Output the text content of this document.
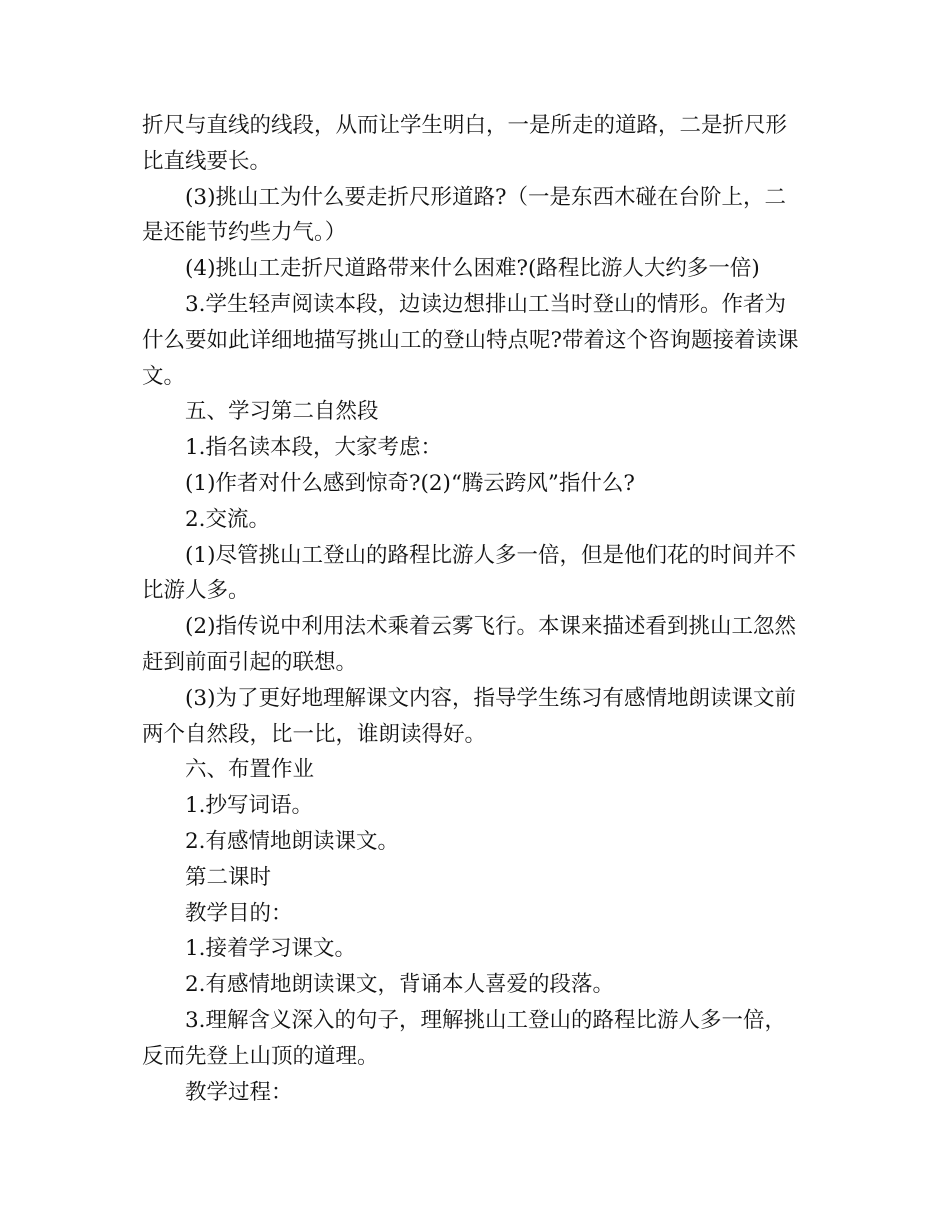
折尺与直线的线段，从而让学生明白，一是所走的道路，二是折尺形

比直线要长。

(3)挑山工为什么要走折尺形道路?（一是东西木碰在台阶上，二

是还能节约些力气。）

(4)挑山工走折尺道路带来什么困难?(路程比游人大约多一倍)

3.学生轻声阅读本段，边读边想排山工当时登山的情形。作者为

什么要如此详细地描写挑山工的登山特点呢?带着这个咨询题接着读课

文。

五、学习第二自然段

1.指名读本段，大家考虑：

(1)作者对什么感到惊奇?(2)“腾云跨风”指什么?

2.交流。

(1)尽管挑山工登山的路程比游人多一倍，但是他们花的时间并不

比游人多。

(2)指传说中利用法术乘着云雾飞行。本课来描述看到挑山工忽然

赶到前面引起的联想。

(3)为了更好地理解课文内容，指导学生练习有感情地朗读课文前

两个自然段，比一比，谁朗读得好。

六、布置作业

1.抄写词语。

2.有感情地朗读课文。

第二课时

教学目的：

1.接着学习课文。

2.有感情地朗读课文，背诵本人喜爱的段落。

3.理解含义深入的句子，理解挑山工登山的路程比游人多一倍，

反而先登上山顶的道理。

教学过程：
